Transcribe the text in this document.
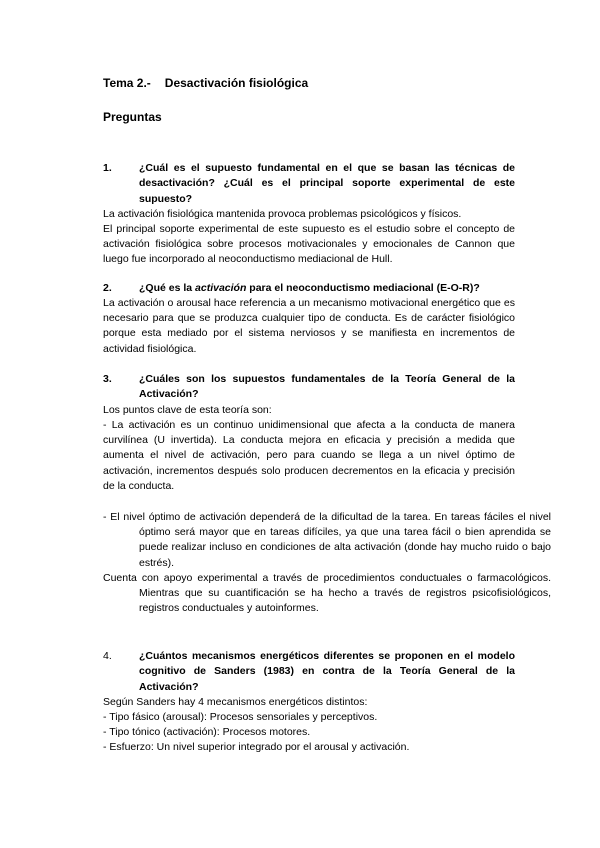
Tema 2.- Desactivación fisiológica
Preguntas
1.	¿Cuál es el supuesto fundamental en el que se basan las técnicas de desactivación? ¿Cuál es el principal soporte experimental de este supuesto?

La activación fisiológica mantenida provoca problemas psicológicos y físicos.

El principal soporte experimental de este supuesto es el estudio sobre el concepto de activación fisiológica sobre procesos motivacionales y emocionales de Cannon que luego fue incorporado al neoconductismo mediacional de Hull.

2.	¿Qué es la activación para el neoconductismo mediacional (E-O-R)?

La activación o arousal hace referencia a un mecanismo motivacional energético que es necesario para que se produzca cualquier tipo de conducta. Es de carácter fisiológico porque esta mediado por el sistema nerviosos y se manifiesta en incrementos de actividad fisiológica.

3.	¿Cuáles son los supuestos fundamentales de la Teoría General de la Activación?

Los puntos clave de esta teoría son:

- La activación es un continuo unidimensional que afecta a la conducta de manera curvilínea (U invertida). La conducta mejora en eficacia y precisión a medida que aumenta el nivel de activación, pero para cuando se llega a un nivel óptimo de activación, incrementos después solo producen decrementos en la eficacia y precisión de la conducta.

- El nivel óptimo de activación dependerá de la dificultad de la tarea. En tareas fáciles el nivel óptimo será mayor que en tareas difíciles, ya que una tarea fácil o bien aprendida se puede realizar incluso en condiciones de alta activación (donde hay mucho ruido o bajo estrés).

Cuenta con apoyo experimental a través de procedimientos conductuales o farmacológicos. Mientras que su cuantificación se ha hecho a través de registros psicofisiológicos, registros conductuales y autoinformes.

4.	¿Cuántos mecanismos energéticos diferentes se proponen en el modelo cognitivo de Sanders (1983) en contra de la Teoría General de la Activación?

Según Sanders hay 4 mecanismos energéticos distintos:

- Tipo fásico (arousal): Procesos sensoriales y perceptivos.

- Tipo tónico (activación): Procesos motores.

- Esfuerzo: Un nivel superior integrado por el arousal y activación.
